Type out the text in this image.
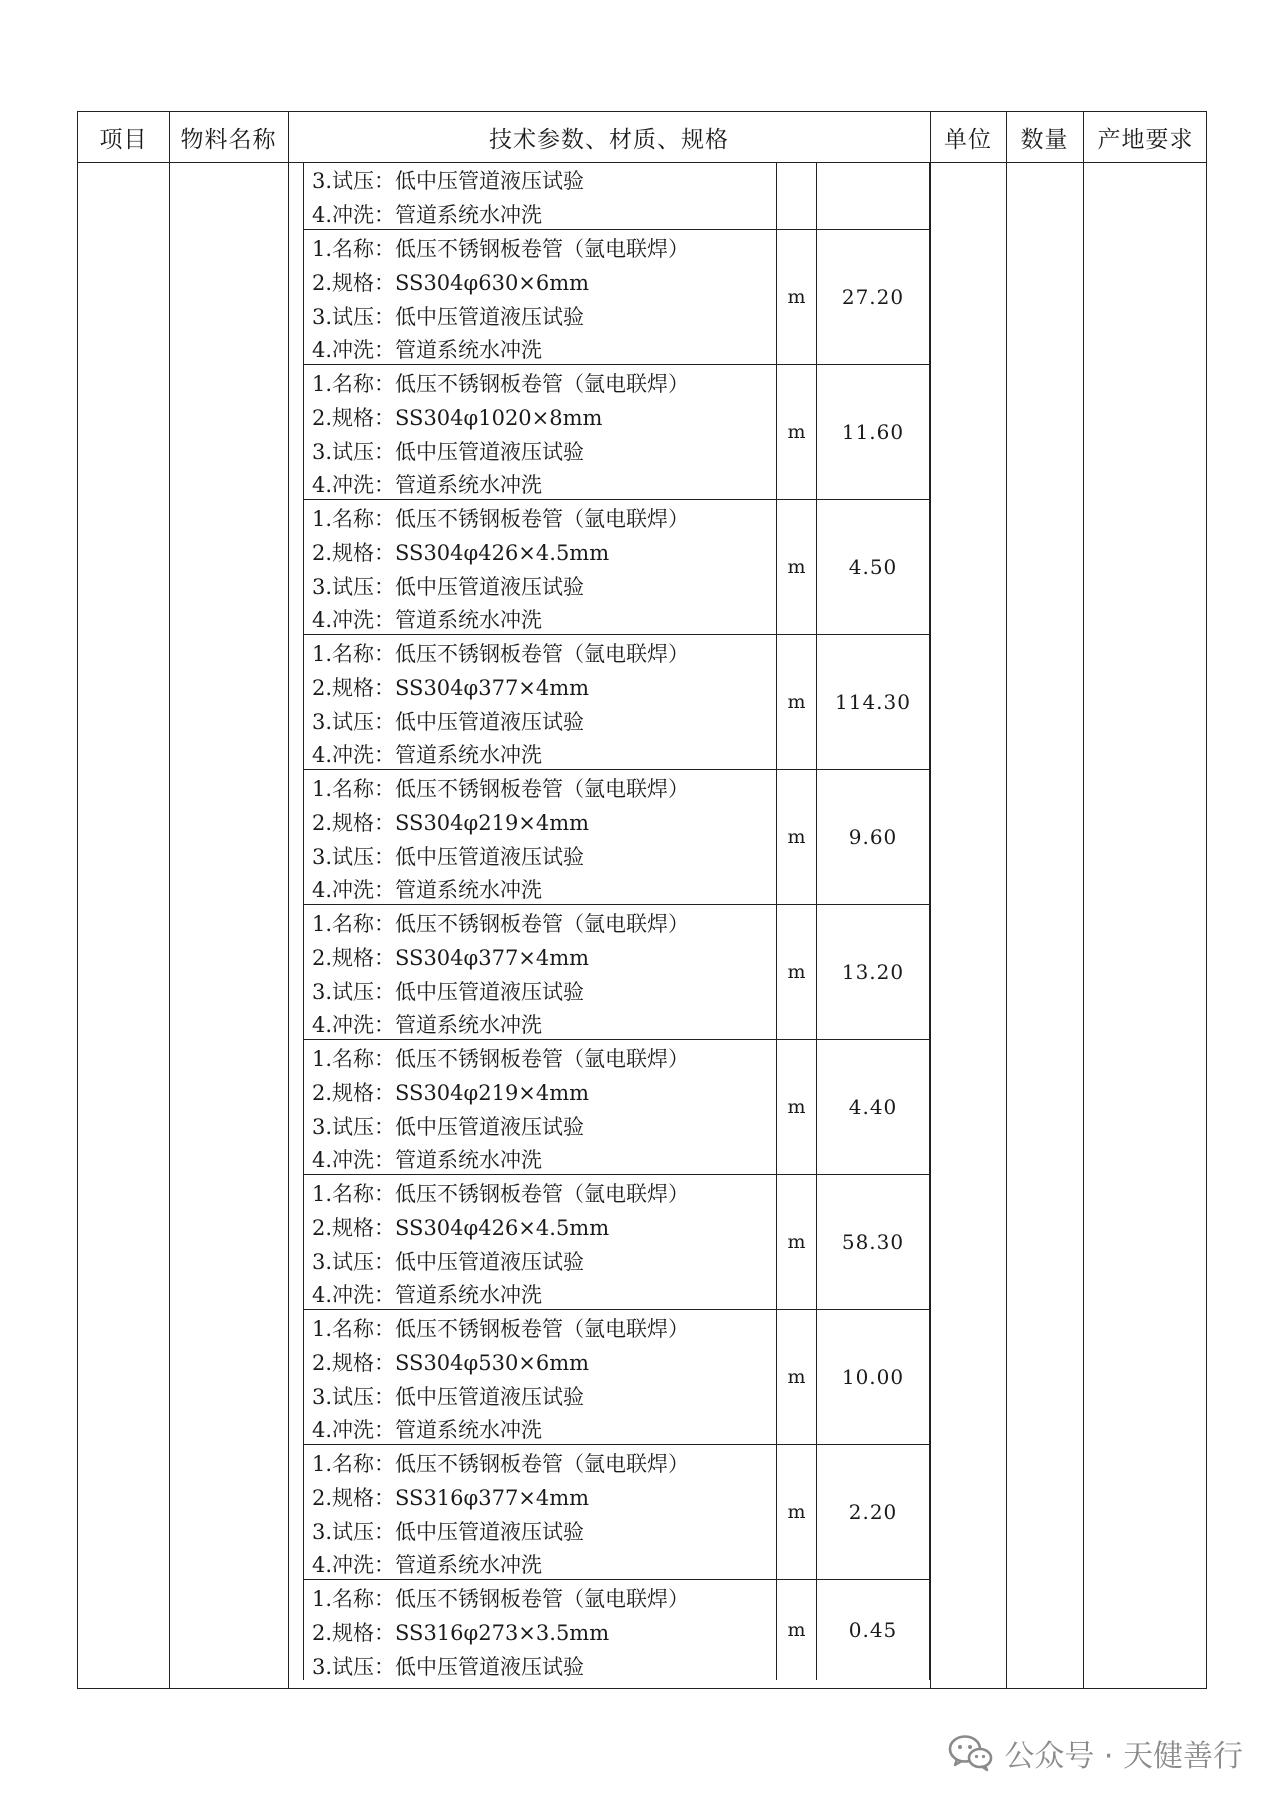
项目	物料名称	技术参数、材质、规格	单位	数量	产地要求
3.试压：低中压管道液压试验
4.冲洗：管道系统水冲洗
1.名称：低压不锈钢板卷管（氩电联焊）
2.规格：SS304φ630×6mm
3.试压：低中压管道液压试验
4.冲洗：管道系统水冲洗
m	27.20
1.名称：低压不锈钢板卷管（氩电联焊）
2.规格：SS304φ1020×8mm
3.试压：低中压管道液压试验
4.冲洗：管道系统水冲洗
m	11.60
1.名称：低压不锈钢板卷管（氩电联焊）
2.规格：SS304φ426×4.5mm
3.试压：低中压管道液压试验
4.冲洗：管道系统水冲洗
m	4.50
1.名称：低压不锈钢板卷管（氩电联焊）
2.规格：SS304φ377×4mm
3.试压：低中压管道液压试验
4.冲洗：管道系统水冲洗
m	114.30
1.名称：低压不锈钢板卷管（氩电联焊）
2.规格：SS304φ219×4mm
3.试压：低中压管道液压试验
4.冲洗：管道系统水冲洗
m	9.60
1.名称：低压不锈钢板卷管（氩电联焊）
2.规格：SS304φ377×4mm
3.试压：低中压管道液压试验
4.冲洗：管道系统水冲洗
m	13.20
1.名称：低压不锈钢板卷管（氩电联焊）
2.规格：SS304φ219×4mm
3.试压：低中压管道液压试验
4.冲洗：管道系统水冲洗
m	4.40
1.名称：低压不锈钢板卷管（氩电联焊）
2.规格：SS304φ426×4.5mm
3.试压：低中压管道液压试验
4.冲洗：管道系统水冲洗
m	58.30
1.名称：低压不锈钢板卷管（氩电联焊）
2.规格：SS304φ530×6mm
3.试压：低中压管道液压试验
4.冲洗：管道系统水冲洗
m	10.00
1.名称：低压不锈钢板卷管（氩电联焊）
2.规格：SS316φ377×4mm
3.试压：低中压管道液压试验
4.冲洗：管道系统水冲洗
m	2.20
1.名称：低压不锈钢板卷管（氩电联焊）
2.规格：SS316φ273×3.5mm
3.试压：低中压管道液压试验
m	0.45
公众号 · 天健善行
